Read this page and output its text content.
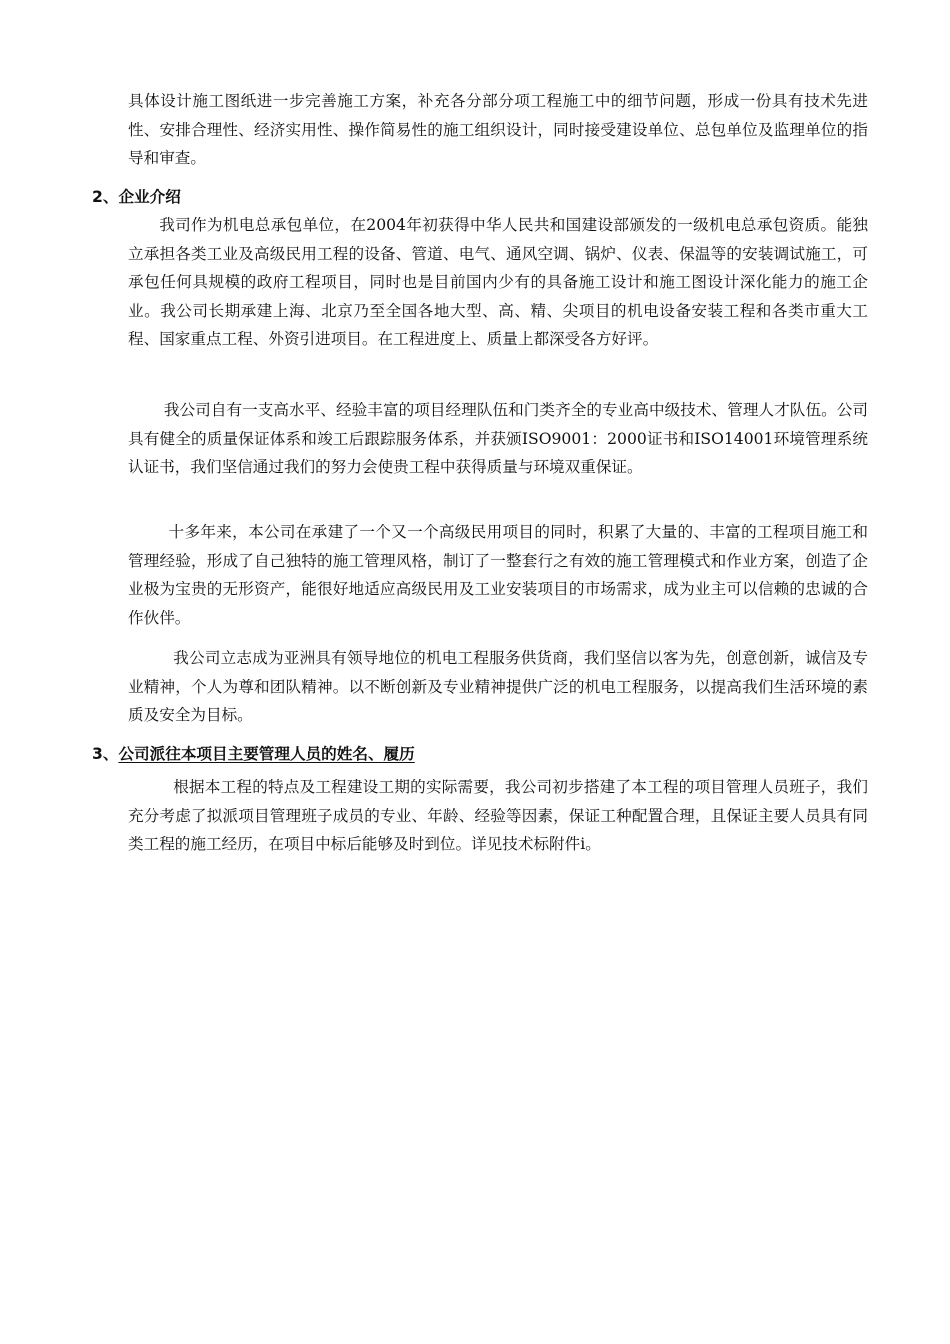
具体设计施工图纸进一步完善施工方案，补充各分部分项工程施工中的细节问题，形成一份具有技术先进性、安排合理性、经济实用性、操作简易性的施工组织设计，同时接受建设单位、总包单位及监理单位的指导和审查。

2、企业介绍

我司作为机电总承包单位，在2004年初获得中华人民共和国建设部颁发的一级机电总承包资质。能独立承担各类工业及高级民用工程的设备、管道、电气、通风空调、锅炉、仪表、保温等的安装调试施工，可承包任何具规模的政府工程项目，同时也是目前国内少有的具备施工设计和施工图设计深化能力的施工企业。我公司长期承建上海、北京乃至全国各地大型、高、精、尖项目的机电设备安装工程和各类市重大工程、国家重点工程、外资引进项目。在工程进度上、质量上都深受各方好评。

我公司自有一支高水平、经验丰富的项目经理队伍和门类齐全的专业高中级技术、管理人才队伍。公司具有健全的质量保证体系和竣工后跟踪服务体系，并获颁ISO9001：2000证书和ISO14001环境管理系统认证书，我们坚信通过我们的努力会使贵工程中获得质量与环境双重保证。

十多年来，本公司在承建了一个又一个高级民用项目的同时，积累了大量的、丰富的工程项目施工和管理经验，形成了自己独特的施工管理风格，制订了一整套行之有效的施工管理模式和作业方案，创造了企业极为宝贵的无形资产，能很好地适应高级民用及工业安装项目的市场需求，成为业主可以信赖的忠诚的合作伙伴。

我公司立志成为亚洲具有领导地位的机电工程服务供货商，我们坚信以客为先，创意创新，诚信及专业精神，个人为尊和团队精神。以不断创新及专业精神提供广泛的机电工程服务，以提高我们生活环境的素质及安全为目标。

3、公司派往本项目主要管理人员的姓名、履历

根据本工程的特点及工程建设工期的实际需要，我公司初步搭建了本工程的项目管理人员班子，我们充分考虑了拟派项目管理班子成员的专业、年龄、经验等因素，保证工种配置合理，且保证主要人员具有同类工程的施工经历，在项目中标后能够及时到位。详见技术标附件ⅰ。
